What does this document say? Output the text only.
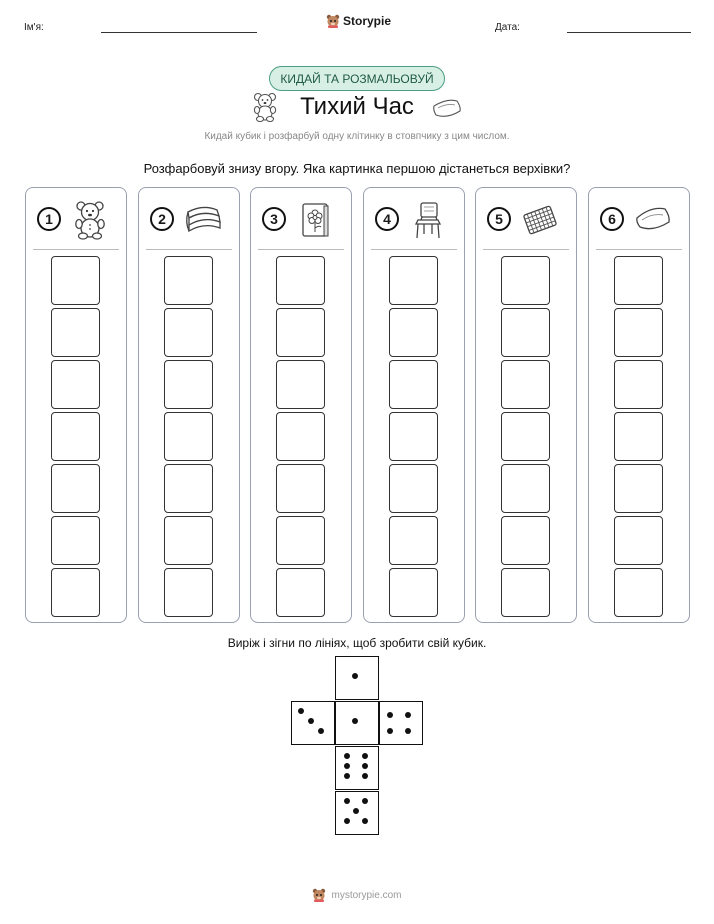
Ім'я:	Storypie	Дата:
КИДАЙ ТА РОЗМАЛЬОВУЙ
Тихий Час
Кидай кубик і розфарбуй одну клітинку в стовпчику з цим числом.
Розфарбовуй знизу вгору. Яка картинка першою дістанеться верхівки?
1	2	3	4	5	6
Виріж і зігни по лініях, щоб зробити свій кубик.
mystorypie.com
